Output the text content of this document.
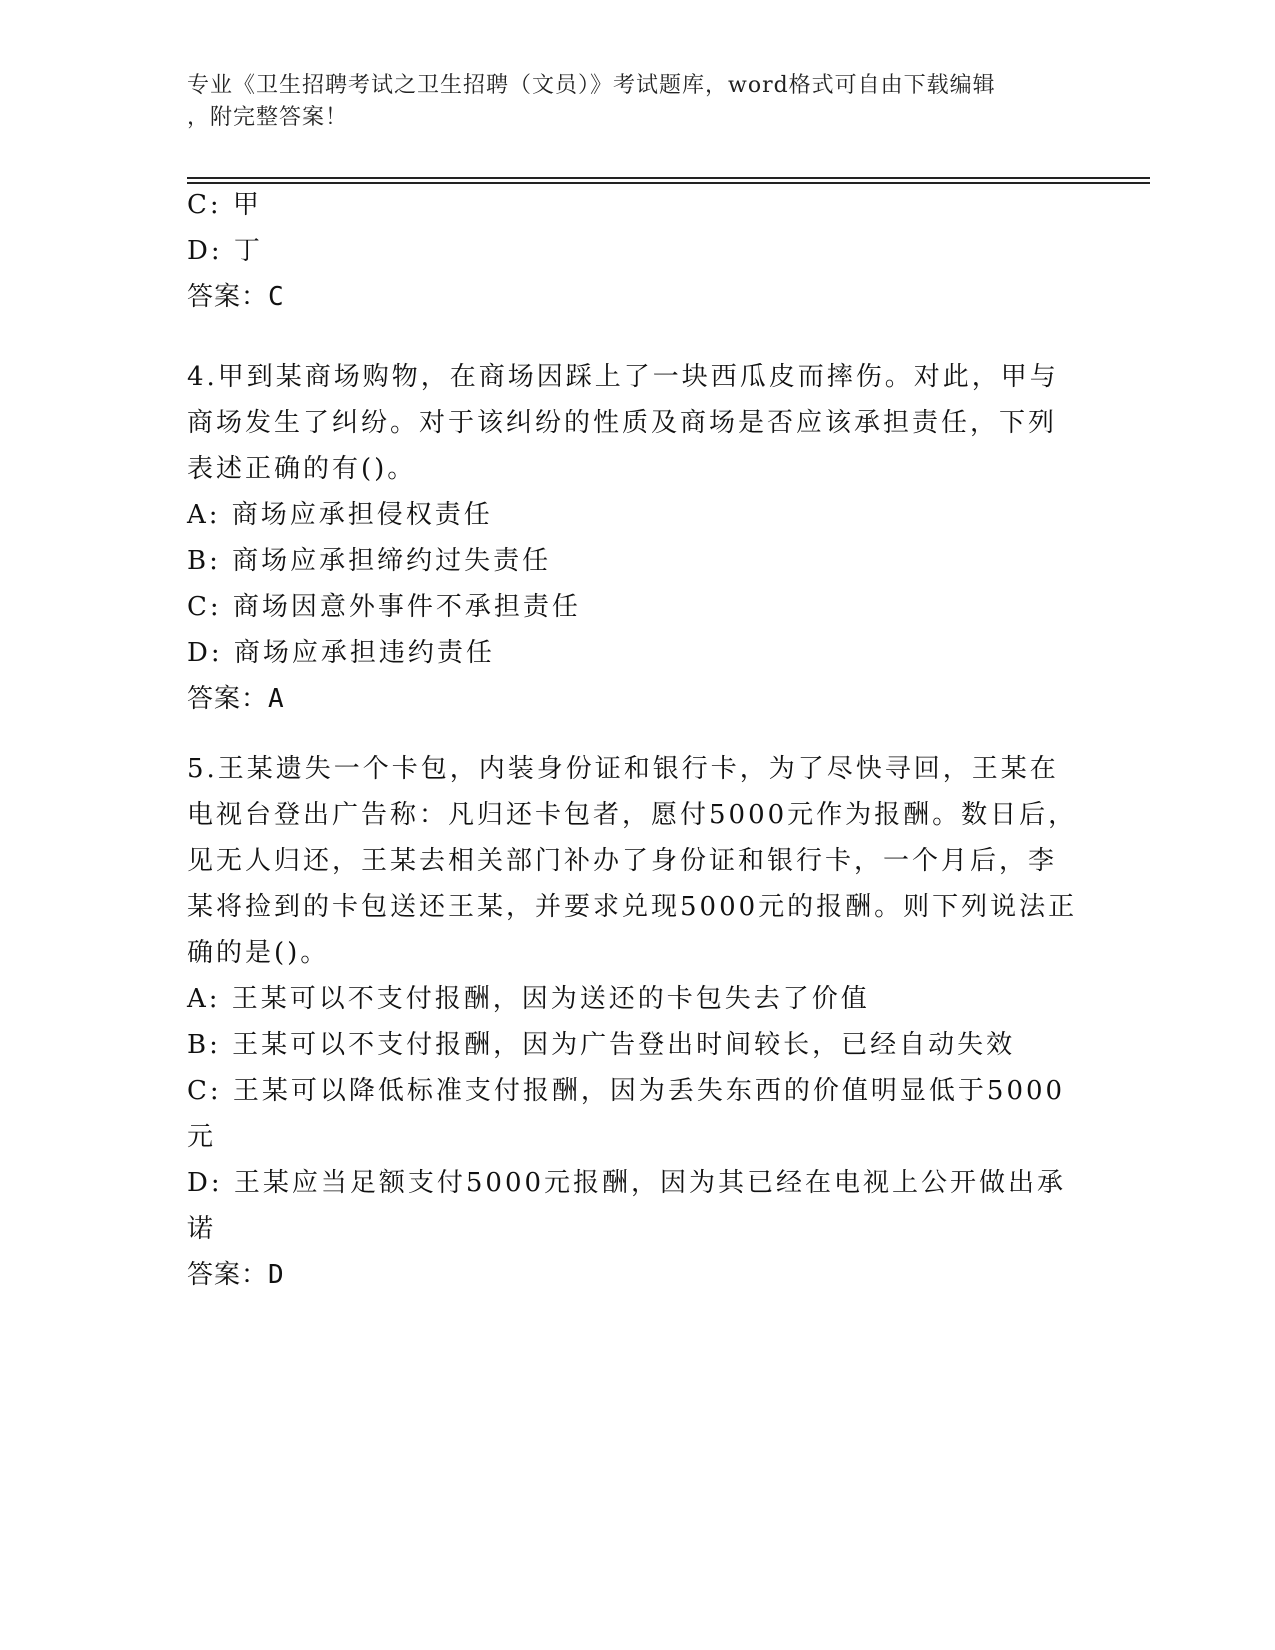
专业《卫生招聘考试之卫生招聘（文员）》考试题库，word格式可自由下载编辑
，附完整答案！
C: 甲
D: 丁
答案：C
4.甲到某商场购物，在商场因踩上了一块西瓜皮而摔伤。对此，甲与
商场发生了纠纷。对于该纠纷的性质及商场是否应该承担责任，下列
表述正确的有()。
A: 商场应承担侵权责任
B: 商场应承担缔约过失责任
C: 商场因意外事件不承担责任
D: 商场应承担违约责任
答案：A
5.王某遗失一个卡包，内装身份证和银行卡，为了尽快寻回，王某在
电视台登出广告称：凡归还卡包者，愿付5000元作为报酬。数日后，
见无人归还，王某去相关部门补办了身份证和银行卡，一个月后，李
某将捡到的卡包送还王某，并要求兑现5000元的报酬。则下列说法正
确的是()。
A: 王某可以不支付报酬，因为送还的卡包失去了价值
B: 王某可以不支付报酬，因为广告登出时间较长，已经自动失效
C: 王某可以降低标准支付报酬，因为丢失东西的价值明显低于5000
元
D: 王某应当足额支付5000元报酬，因为其已经在电视上公开做出承
诺
答案：D
